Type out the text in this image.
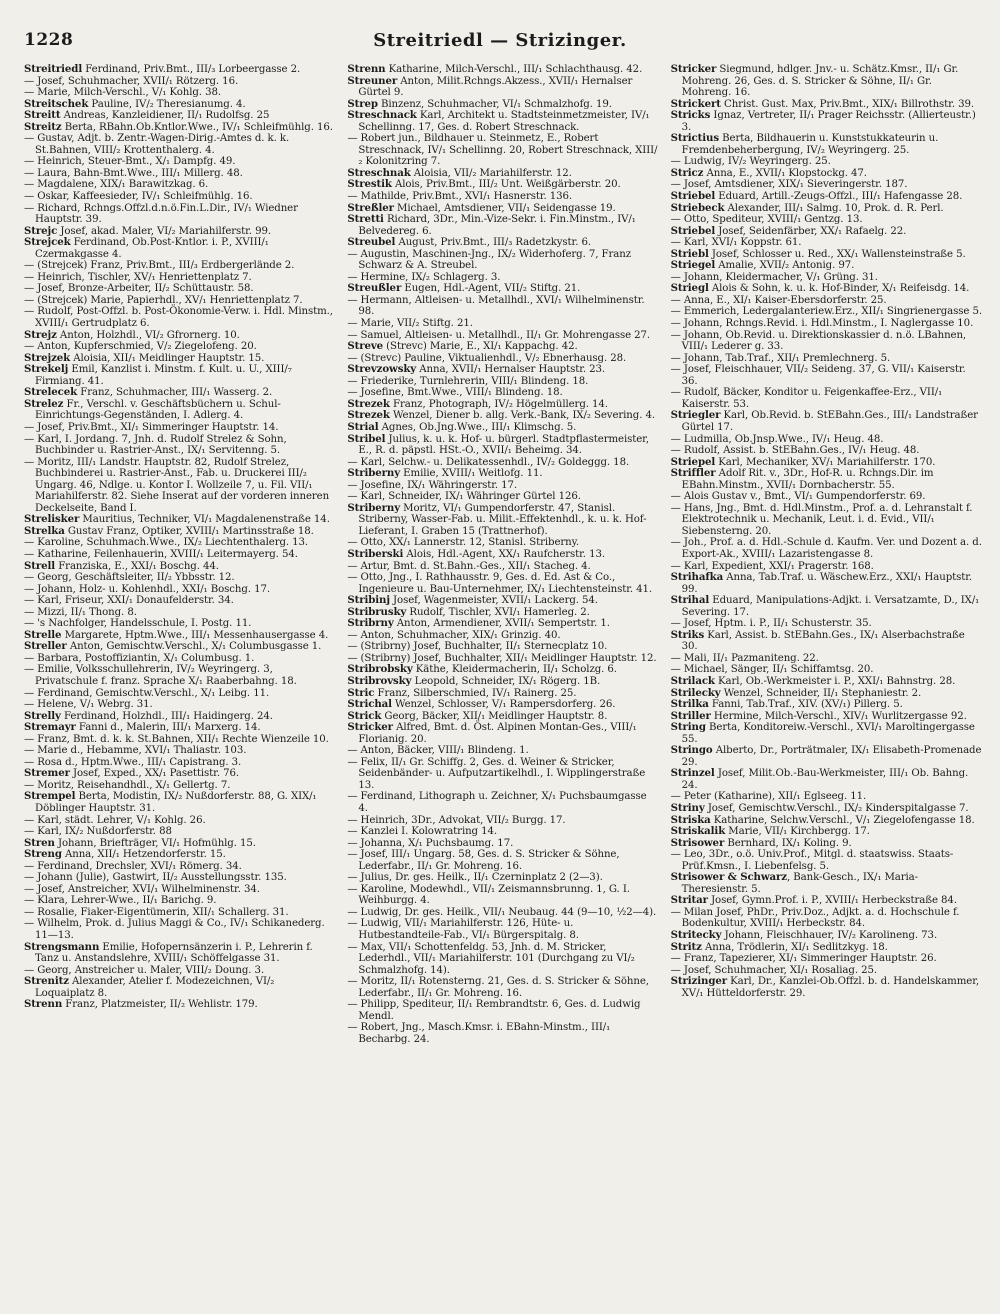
1228	Streitriedl — Strizinger.

Streitriedl Ferdinand, Priv.Bmt., III/₃ Lorbeergasse 2.

— Josef, Schuhmacher, XVII/₁ Rötzerg. 16.

— Marie, Milch-Verschl., V/₁ Kohlg. 38.

Streitschek Pauline, IV/₂ Theresianumg. 4.

Streitt Andreas, Kanzleidiener, II/₁ Rudolfsg. 25

Streitz Berta, RBahn.Ob.Kntlor.Wwe., IV/₁ Schleifmühlg. 16.

— Gustav, Adjt. b. Zentr.-Wagen-Dirig.-Amtes d. k. k. St.Bahnen, VIII/₂ Krottenthalerg. 4.

— Heinrich, Steuer-Bmt., X/₁ Dampfg. 49.

— Laura, Bahn-Bmt.Wwe., III/₁ Millerg. 48.

— Magdalene, XIX/₁ Barawitzkag. 6.

— Oskar, Kaffeesieder, IV/₁ Schleifmühlg. 16.

— Richard, Rchngs.Offzl.d.n.ö.Fin.L.Dir., IV/₁ Wiedner Hauptstr. 39.

Strejc Josef, akad. Maler, VI/₂ Mariahilferstr. 99.

Strejcek Ferdinand, Ob.Post-Kntlor. i. P., XVIII/₁ Czermakgasse 4.

— (Strejcek) Franz, Priv.Bmt., III/₃ Erdbergerlände 2.

— Heinrich, Tischler, XV/₁ Henriettenplatz 7.

— Josef, Bronze-Arbeiter, II/₂ Schüttaustr. 58.

— (Strejcek) Marie, Papierhdl., XV/₁ Henriettenplatz 7.

— Rudolf, Post-Offzl. b. Post-Ökonomie-Verw. i. Hdl. Minstm., XVIII/₁ Gertrudplatz 6.

Strejz Anton, Holzhdl., VI/₂ Gfrornerg. 10.

— Anton, Kupferschmied, V/₂ Ziegelofeng. 20.

Strejzek Aloisia, XII/₁ Meidlinger Hauptstr. 15.

Strekelj Emil, Kanzlist i. Minstm. f. Kult. u. U., XIII/₇ Firmiang. 41.

Strelecek Franz, Schuhmacher, III/₁ Wasserg. 2.

Strelez Fr., Verschl. v. Geschäftsbüchern u. Schul-Einrichtungs-Gegenständen, I. Adlerg. 4.

— Josef, Priv.Bmt., XI/₁ Simmeringer Hauptstr. 14.

— Karl, I. Jordang. 7, Jnh. d. Rudolf Strelez & Sohn, Buchbinder u. Rastrier-Anst., IX/₁ Servitenng. 5.

— Moritz, III/₁ Landstr. Hauptstr. 82, Rudolf Strelez, Buchbinderei u. Rastrier-Anst., Fab. u. Druckerei III/₂ Ungarg. 46, Ndlge. u. Kontor I. Wollzeile 7, u. Fil. VII/₁ Mariahilferstr. 82. Siehe Inserat auf der vorderen inneren Deckelseite, Band I.

Strelisker Mauritius, Techniker, VI/₁ Magdalenenstraße 14.

Strelka Gustav Franz, Optiker, XVIII/₁ Martinsstraße 18.

— Karoline, Schuhmach.Wwe., IX/₂ Liechtenthalerg. 13.

— Katharine, Feilenhauerin, XVIII/₁ Leitermayerg. 54.

Strell Franziska, E., XXI/₁ Boschg. 44.

— Georg, Geschäftsleiter, II/₂ Ybbsstr. 12.

— Johann, Holz- u. Kohlenhdl., XXI/₁ Boschg. 17.

— Karl, Friseur, XXI/₁ Donaufelderstr. 34.

— Mizzi, II/₁ Thong. 8.

— 's Nachfolger, Handelsschule, I. Postg. 11.

Strelle Margarete, Hptm.Wwe., III/₁ Messenhausergasse 4.

Streller Anton, Gemischtw.Verschl., X/₁ Columbusgasse 1.

— Barbara, Postoffiziantin, X/₁ Columbusg. 1.

— Emilie, Volksschullehrerin, IV/₂ Weyringerg. 3, Privatschule f. franz. Sprache X/₁ Raaberbahng. 18.

— Ferdinand, Gemischtw.Verschl., X/₁ Leibg. 11.

— Helene, V/₁ Webrg. 31.

Strelly Ferdinand, Holzhdl., III/₁ Haidingerg. 24.

Stremayr Fanni d., Malerin, III/₁ Marxerg. 14.

— Franz, Bmt. d. k. k. St.Bahnen, XII/₁ Rechte Wienzeile 10.

— Marie d., Hebamme, XVI/₁ Thaliastr. 103.

— Rosa d., Hptm.Wwe., III/₁ Capistrang. 3.

Stremer Josef, Exped., XX/₁ Pasettistr. 76.

— Moritz, Reisehandhdl., X/₁ Gellertg. 7.

Strempel Berta, Modistin, IX/₂ Nußdorferstr. 88, G. XIX/₁ Döblinger Hauptstr. 31.

— Karl, städt. Lehrer, V/₁ Kohlg. 26.

— Karl, IX/₂ Nußdorferstr. 88

Stren Johann, Briefträger, VI/₁ Hofmühlg. 15.

Streng Anna, XII/₁ Hetzendorferstr. 15.

— Ferdinand, Drechsler, XVI/₁ Römerg. 34.

— Johann (Julie), Gastwirt, II/₂ Ausstellungsstr. 135.

— Josef, Anstreicher, XVI/₁ Wilhelminenstr. 34.

— Klara, Lehrer-Wwe., II/₁ Barichg. 9.

— Rosalie, Fiaker-Eigentümerin, XII/₁ Schallerg. 31.

— Wilhelm, Prok. d. Julius Maggi & Co., IV/₁ Schikanederg. 11—13.

Strengsmann Emilie, Hofopernsänzerin i. P., Lehrerin f. Tanz u. Anstandslehre, XVIII/₁ Schöffelgasse 31.

— Georg, Anstreicher u. Maler, VIII/₂ Doung. 3.

Strenitz Alexander, Atelier f. Modezeichnen, VI/₂ Loquaiplatz 8.

Strenn Franz, Platzmeister, II/₂ Wehlistr. 179.

Strenn Katharine, Milch-Verschl., III/₁ Schlachthausg. 42.

Streuner Anton, Milit.Rchngs.Akzess., XVII/₁ Hernalser Gürtel 9.

Strep Binzenz, Schuhmacher, VI/₁ Schmalzhofg. 19.

Streschnack Karl, Architekt u. Stadtsteinmetzmeister, IV/₁ Schellinng. 17, Ges. d. Robert Streschnack.

— Robert jun., Bildhauer u. Steinmetz, E., Robert Streschnack, IV/₁ Schellinng. 20, Robert Streschnack, XIII/₂ Kolonitzring 7.

Streschnak Aloisia, VII/₂ Mariahilferstr. 12.

Strestik Alois, Priv.Bmt., III/₂ Unt. Weißgärberstr. 20.

— Mathilde, Priv.Bmt., XVI/₁ Hasnerstr. 136.

Streßler Michael, Amtsdiener, VII/₁ Seidengasse 19.

Stretti Richard, 3Dr., Min.-Vize-Sekr. i. Fin.Minstm., IV/₁ Belvedereg. 6.

Streubel August, Priv.Bmt., III/₃ Radetzkystr. 6.

— Augustin, Maschinen-Jng., IX/₂ Widerhoferg. 7, Franz Schwarz & A. Streubel.

— Hermine, IX/₂ Schlagerg. 3.

Streußler Eugen, Hdl.-Agent, VII/₂ Stiftg. 21.

— Hermann, Altleisen- u. Metallhdl., XVI/₁ Wilhelminenstr. 98.

— Marie, VII/₂ Stiftg. 21.

— Samuel, Altleisen- u. Metallhdl., II/₁ Gr. Mohrengasse 27.

Streve (Strevc) Marie, E., XI/₁ Kappachg. 42.

— (Strevc) Pauline, Viktualienhdl., V/₂ Ebnerhausg. 28.

Strevzowsky Anna, XVII/₁ Hernalser Hauptstr. 23.

— Friederike, Turnlehrerin, VIII/₁ Blindeng. 18.

— Josefine, Bmt.Wwe., VIII/₁ Blindeng. 18.

Strezek Franz, Photograph, IV/₂ Högelmüllerg. 14.

Strezek Wenzel, Diener b. allg. Verk.-Bank, IX/₂ Severing. 4.

Strial Agnes, Ob.Jng.Wwe., III/₁ Klimschg. 5.

Stribel Julius, k. u. k. Hof- u. bürgerl. Stadtpflastermeister, E., R. d. päpstl. HSt.-O., XVII/₁ Beheimg. 34.

— Karl, Selchw.- u. Delikatessenhdl., IV/₂ Goldeggg. 18.

Striberny Emilie, XVIII/₁ Weitlofg. 11.

— Josefine, IX/₁ Währingerstr. 17.

— Karl, Schneider, IX/₁ Währinger Gürtel 126.

Striberny Moritz, VI/₁ Gumpendorferstr. 47, Stanisl. Striberny, Wasser-Fab. u. Milit.-Effektenhdl., k. u. k. Hof-Lieferant, I. Graben 15 (Trattnerhof).

— Otto, XX/₁ Lannerstr. 12, Stanisl. Striberny.

Striberski Alois, Hdl.-Agent, XX/₁ Raufcherstr. 13.

— Artur, Bmt. d. St.Bahn.-Ges., XII/₁ Stacheg. 4.

— Otto, Jng., I. Rathhausstr. 9, Ges. d. Ed. Ast & Co., Ingenieure u. Bau-Unternehmer, IX/₁ Liechtensteinstr. 41.

Stribinj Josef, Wagenmeister, XVII/₁ Lackerg. 54.

Stribrusky Rudolf, Tischler, XVI/₁ Hamerleg. 2.

Stribrny Anton, Armendiener, XVII/₁ Sempertstr. 1.

— Anton, Schuhmacher, XIX/₁ Grinzig. 40.

— (Stribrny) Josef, Buchhalter, II/₁ Sternecplatz 10.

— (Stribrny) Josef, Buchhalter, XII/₁ Meidlinger Hauptstr. 12.

Stribrobsky Käthe, Kleidermacherin, II/₁ Scholzg. 6.

Stribrovsky Leopold, Schneider, IX/₁ Rögerg. 1B.

Stric Franz, Silberschmied, IV/₁ Rainerg. 25.

Strichal Wenzel, Schlosser, V/₁ Rampersdorferg. 26.

Strick Georg, Bäcker, XII/₁ Meidlinger Hauptstr. 8.

Stricker Alfred, Bmt. d. Öst. Alpinen Montan-Ges., VIII/₁ Florianig. 20.

— Anton, Bäcker, VIII/₁ Blindeng. 1.

— Felix, II/₁ Gr. Schiffg. 2, Ges. d. Weiner & Stricker, Seidenbänder- u. Aufputzartikelhdl., I. Wipplingerstraße 13.

— Ferdinand, Lithograph u. Zeichner, X/₁ Puchsbaumgasse 4.

— Heinrich, 3Dr., Advokat, VII/₂ Burgg. 17.

— Kanzlei I. Kolowratring 14.

— Johanna, X/₁ Puchsbaumg. 17.

— Josef, III/₁ Ungarg. 58, Ges. d. S. Stricker & Söhne, Lederfabr., II/₁ Gr. Mohreng. 16.

— Julius, Dr. ges. Heilk., II/₁ Czerninplatz 2 (2—3).

— Karoline, Modewhdl., VII/₁ Zeismannsbrunng. 1, G. I. Weihburgg. 4.

— Ludwig, Dr. ges. Heilk., VII/₁ Neubaug. 44 (9—10, ½2—4).

— Ludwig, VII/₁ Mariahilferstr. 126, Hüte- u. Hutbestandteile-Fab., VI/₁ Bürgerspitalg. 8.

— Max, VII/₁ Schottenfeldg. 53, Jnh. d. M. Stricker, Lederhdl., VII/₁ Mariahilferstr. 101 (Durchgang zu VI/₂ Schmalzhofg. 14).

— Moritz, II/₁ Rotensterng. 21, Ges. d. S. Stricker & Söhne, Lederfabr., II/₁ Gr. Mohreng. 16.

— Philipp, Spediteur, II/₁ Rembrandtstr. 6, Ges. d. Ludwig Mendl.

— Robert, Jng., Masch.Kmsr. i. EBahn-Minstm., III/₁ Becharbg. 24.

Stricker Siegmund, hdlger. Jnv.- u. Schätz.Kmsr., II/₁ Gr. Mohreng. 26, Ges. d. S. Stricker & Söhne, II/₁ Gr. Mohreng. 16.

Strickert Christ. Gust. Max, Priv.Bmt., XIX/₁ Billrothstr. 39.

Stricks Ignaz, Vertreter, II/₁ Prager Reichsstr. (Allierteustr.) 3.

Strictius Berta, Bildhauerin u. Kunststukkateurin u. Fremdenbeherbergung, IV/₂ Weyringerg. 25.

— Ludwig, IV/₂ Weyringerg. 25.

Stricz Anna, E., XVII/₁ Klopstockg. 47.

— Josef, Amtsdiener, XIX/₁ Sieveringerstr. 187.

Striebel Eduard, Artill.-Zeugs-Offzl., III/₁ Hafengasse 28.

Striebeck Alexander, III/₁ Salmg. 10, Prok. d. R. Perl.

— Otto, Spediteur, XVIII/₁ Gentzg. 13.

Striebel Josef, Seidenfärber, XX/₁ Rafaelg. 22.

— Karl, XVI/₁ Koppstr. 61.

Striebl Josef, Schlosser u. Red., XX/₁ Wallensteinstraße 5.

Striegel Amalie, XVII/₂ Antonig. 97.

— Johann, Kleidermacher, V/₁ Grüng. 31.

Striegl Alois & Sohn, k. u. k. Hof-Binder, X/₁ Reifeisdg. 14.

— Anna, E., XI/₁ Kaiser-Ebersdorferstr. 25.

— Emmerich, Ledergalanteriew.Erz., XII/₁ Singrienergasse 5.

— Johann, Rchngs.Revid. i. Hdl.Minstm., I. Naglergasse 10.

— Johann, Ob.Revid. u. Direktionskassier d. n.ö. LBahnen, VIII/₁ Lederer g. 33.

— Johann, Tab.Traf., XII/₁ Premlechnerg. 5.

— Josef, Fleischhauer, VII/₂ Seideng. 37, G. VII/₁ Kaiserstr. 36.

— Rudolf, Bäcker, Konditor u. Feigenkaffee-Erz., VII/₁ Kaiserstr. 53.

Striegler Karl, Ob.Revid. b. StEBahn.Ges., III/₁ Landstraßer Gürtel 17.

— Ludmilla, Ob.Jnsp.Wwe., IV/₁ Heug. 48.

— Rudolf, Assist. b. StEBahn.Ges., IV/₁ Heug. 48.

Striepel Karl, Mechaniker, XV/₁ Mariahilferstr. 170.

Striffler Adolf Rit. v., 3Dr., Hof-R. u. Rchngs.Dir. im EBahn.Minstm., XVII/₁ Dornbacherstr. 55.

— Alois Gustav v., Bmt., VI/₁ Gumpendorferstr. 69.

— Hans, Jng., Bmt. d. Hdl.Minstm., Prof. a. d. Lehranstalt f. Elektrotechnik u. Mechanik, Leut. i. d. Evid., VII/₁ Siebensterng. 20.

— Joh., Prof. a. d. Hdl.-Schule d. Kaufm. Ver. und Dozent a. d. Export-Ak., XVIII/₁ Lazaristengasse 8.

— Karl, Expedient, XXI/₁ Pragerstr. 168.

Strihafka Anna, Tab.Traf. u. Wäschew.Erz., XXI/₁ Hauptstr. 99.

Strihal Eduard, Manipulations-Adjkt. i. Versatzamte, D., IX/₁ Severing. 17.

— Josef, Hptm. i. P., II/₁ Schusterstr. 35.

Striks Karl, Assist. b. StEBahn.Ges., IX/₁ Alserbachstraße 30.

— Mali, II/₁ Pazmaniteng. 22.

— Michael, Sänger, II/₁ Schiffamtsg. 20.

Strilack Karl, Ob.-Werkmeister i. P., XXI/₁ Bahnstrg. 28.

Strilecky Wenzel, Schneider, II/₁ Stephaniestr. 2.

Strilka Fanni, Tab.Traf., XIV. (XV/₁) Pillerg. 5.

Striller Hermine, Milch-Verschl., XIV/₁ Wurlitzergasse 92.

String Berta, Konditoreiw.-Verschl., XVI/₁ Maroltingergasse 55.

Stringo Alberto, Dr., Porträtmaler, IX/₁ Elisabeth-Promenade 29.

Strinzel Josef, Milit.Ob.-Bau-Werkmeister, III/₁ Ob. Bahng. 24.

— Peter (Katharine), XII/₁ Eglseeg. 11.

Striny Josef, Gemischtw.Verschl., IX/₂ Kinderspitalgasse 7.

Striska Katharine, Selchw.Verschl., V/₁ Ziegelofengasse 18.

Striskalik Marie, VII/₁ Kirchbergg. 17.

Strisower Bernhard, IX/₁ Koling. 9.

— Leo, 3Dr., o.ö. Univ.Prof., Mitgl. d. staatswiss. Staats-Prüf.Kmsn., I. Liebenfelsg. 5.

Strisower & Schwarz, Bank-Gesch., IX/₁ Maria-Theresienstr. 5.

Stritar Josef, Gymn.Prof. i. P., XVIII/₁ Herbeckstraße 84.

— Milan Josef, PhDr., Priv.Doz., Adjkt. a. d. Hochschule f. Bodenkultur, XVIII/₁ Herbeckstr. 84.

Stritecky Johann, Fleischhauer, IV/₂ Karolineng. 73.

Stritz Anna, Trödlerin, XI/₁ Sedlitzkyg. 18.

— Franz, Tapezierer, XI/₁ Simmeringer Hauptstr. 26.

— Josef, Schuhmacher, XI/₁ Rosaliag. 25.

Strizinger Karl, Dr., Kanzlei-Ob.Offzl. b. d. Handelskammer, XV/₁ Hütteldorferstr. 29.
